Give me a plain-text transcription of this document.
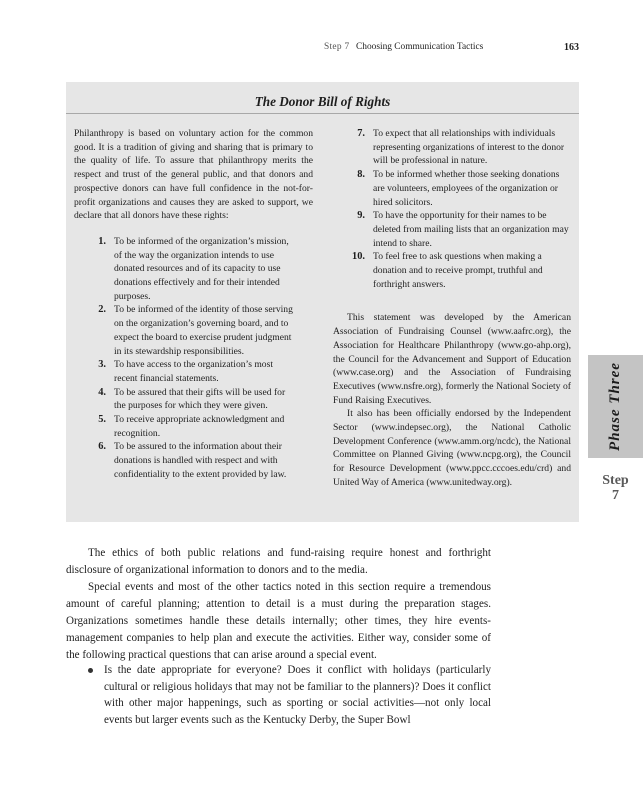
Step 7 Choosing Communication Tactics	163
The Donor Bill of Rights

Philanthropy is based on voluntary action for the common good. It is a tradition of giving and sharing that is primary to the quality of life. To assure that philanthropy merits the respect and trust of the general public, and that donors and prospective donors can have full confidence in the not-for-profit organizations and causes they are asked to support, we declare that all donors have these rights:

1. To be informed of the organization’s mission, of the way the organization intends to use donated resources and of its capacity to use donations effectively and for their intended purposes.
2. To be informed of the identity of those serving on the organization’s governing board, and to expect the board to exercise prudent judgment in its stewardship responsibilities.
3. To have access to the organization’s most recent financial statements.
4. To be assured that their gifts will be used for the purposes for which they were given.
5. To receive appropriate acknowledgment and recognition.
6. To be assured to the information about their donations is handled with respect and with confidentiality to the extent provided by law.
7. To expect that all relationships with individuals representing organizations of interest to the donor will be professional in nature.
8. To be informed whether those seeking donations are volunteers, employees of the organization or hired solicitors.
9. To have the opportunity for their names to be deleted from mailing lists that an organization may intend to share.
10. To feel free to ask questions when making a donation and to receive prompt, truthful and forthright answers.

This statement was developed by the American Association of Fundraising Counsel (www.aafrc.org), the Association for Healthcare Philanthropy (www.go-ahp.org), the Council for the Advancement and Support of Education (www.case.org) and the Association of Fundraising Executives (www.nsfre.org), formerly the National Society of Fund Raising Executives.

It also has been officially endorsed by the Independent Sector (www.indepsec.org), the National Catholic Development Conference (www.amm.org/ncdc), the National Committee on Planned Giving (www.ncpg.org), the Council for Resource Development (www.ppcc.cccoes.edu/crd) and United Way of America (www.unitedway.org).

Phase Three
Step
7

The ethics of both public relations and fund-raising require honest and forthright disclosure of organizational information to donors and to the media.

Special events and most of the other tactics noted in this section require a tremendous amount of careful planning; attention to detail is a must during the preparation stages. Organizations sometimes handle these details internally; other times, they hire events-management companies to help plan and execute the activities. Either way, consider some of the following practical questions that can arise around a special event.

Is the date appropriate for everyone? Does it conflict with holidays (particularly cultural or religious holidays that may not be familiar to the planners)? Does it conflict with other major happenings, such as sporting or social activities—not only local events but larger events such as the Kentucky Derby, the Super Bowl
